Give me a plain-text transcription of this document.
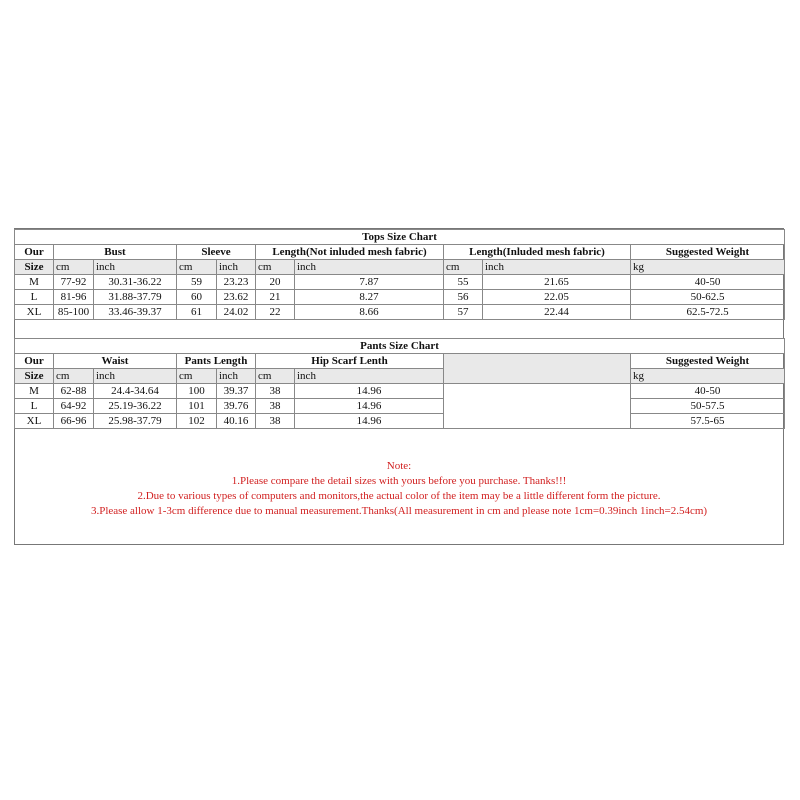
Tops Size Chart									
Our	Bust		Sleeve		Length(Not inluded mesh fabric)		Length(Inluded mesh fabric)		Suggested Weight
Size	cm	inch	cm	inch	cm	inch	cm	inch	kg
M	77-92	30.31-36.22	59	23.23	20	7.87	55	21.65	40-50
L	81-96	31.88-37.79	60	23.62	21	8.27	56	22.05	50-62.5
XL	85-100	33.46-39.37	61	24.02	22	8.66	57	22.44	62.5-72.5
Pants Size Chart								
Our	Waist		Pants Length		Hip Scarf Lenth			Suggested Weight
Size	cm	inch	cm	inch	cm	inch		kg
M	62-88	24.4-34.64	100	39.37	38	14.96		40-50
L	64-92	25.19-36.22	101	39.76	38	14.96		50-57.5
XL	66-96	25.98-37.79	102	40.16	38	14.96		57.5-65
Note:
1.Please compare the detail sizes with yours before you purchase. Thanks!!!
2.Due to various types of computers and monitors,the actual color of the item may be a little different form the picture.
3.Please allow 1-3cm difference due to manual measurement.Thanks(All measurement in cm and please note 1cm=0.39inch 1inch=2.54cm)
